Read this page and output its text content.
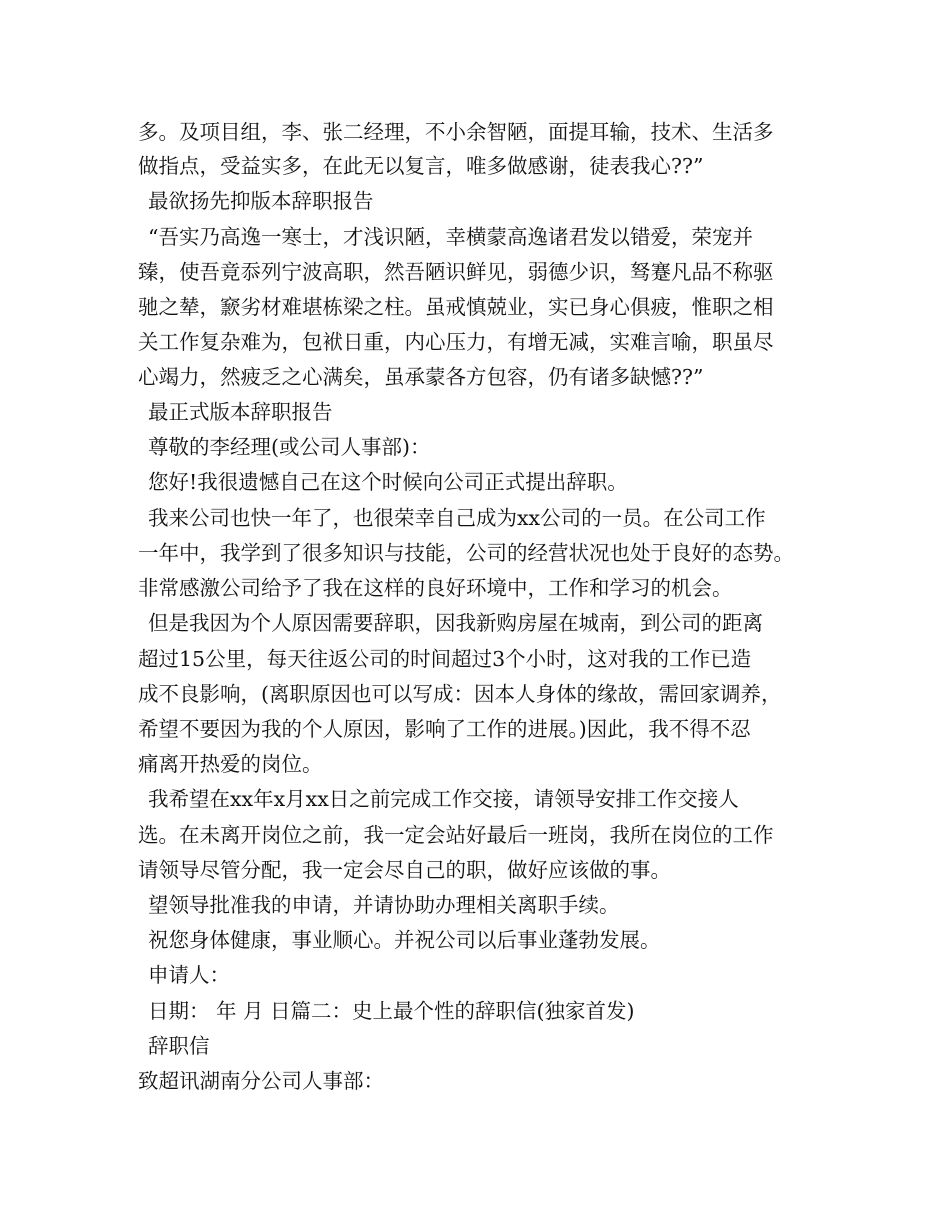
多。及项目组，李、张二经理，不小余智陋，面提耳输，技术、生活多
做指点，受益实多，在此无以复言，唯多做感谢，徒表我心??”
最欲扬先抑版本辞职报告
“吾实乃高逸一寒士，才浅识陋，幸横蒙高逸诸君发以错爱，荣宠并
臻，使吾竟忝列宁波高职，然吾陋识鲜见，弱德少识，驽蹇凡品不称驱
驰之辇，窾劣材难堪栋梁之柱。虽戒慎兢业，实已身心俱疲，惟职之相
关工作复杂难为，包袱日重，内心压力，有增无减，实难言喻，职虽尽
心竭力，然疲乏之心满矣，虽承蒙各方包容，仍有诸多缺憾??”
最正式版本辞职报告
尊敬的李经理(或公司人事部)：
您好!我很遗憾自己在这个时候向公司正式提出辞职。
我来公司也快一年了，也很荣幸自己成为xx公司的一员。在公司工作
一年中，我学到了很多知识与技能，公司的经营状况也处于良好的态势。
非常感激公司给予了我在这样的良好环境中，工作和学习的机会。
但是我因为个人原因需要辞职，因我新购房屋在城南，到公司的距离
超过15公里，每天往返公司的时间超过3个小时，这对我的工作已造
成不良影响，(离职原因也可以写成：因本人身体的缘故，需回家调养，
希望不要因为我的个人原因，影响了工作的进展。)因此，我不得不忍
痛离开热爱的岗位。
我希望在xx年x月xx日之前完成工作交接，请领导安排工作交接人
选。在未离开岗位之前，我一定会站好最后一班岗，我所在岗位的工作
请领导尽管分配，我一定会尽自己的职，做好应该做的事。
望领导批准我的申请，并请协助办理相关离职手续。
祝您身体健康，事业顺心。并祝公司以后事业蓬勃发展。
申请人：
日期： 年 月 日篇二：史上最个性的辞职信(独家首发)
辞职信
致超讯湖南分公司人事部：
